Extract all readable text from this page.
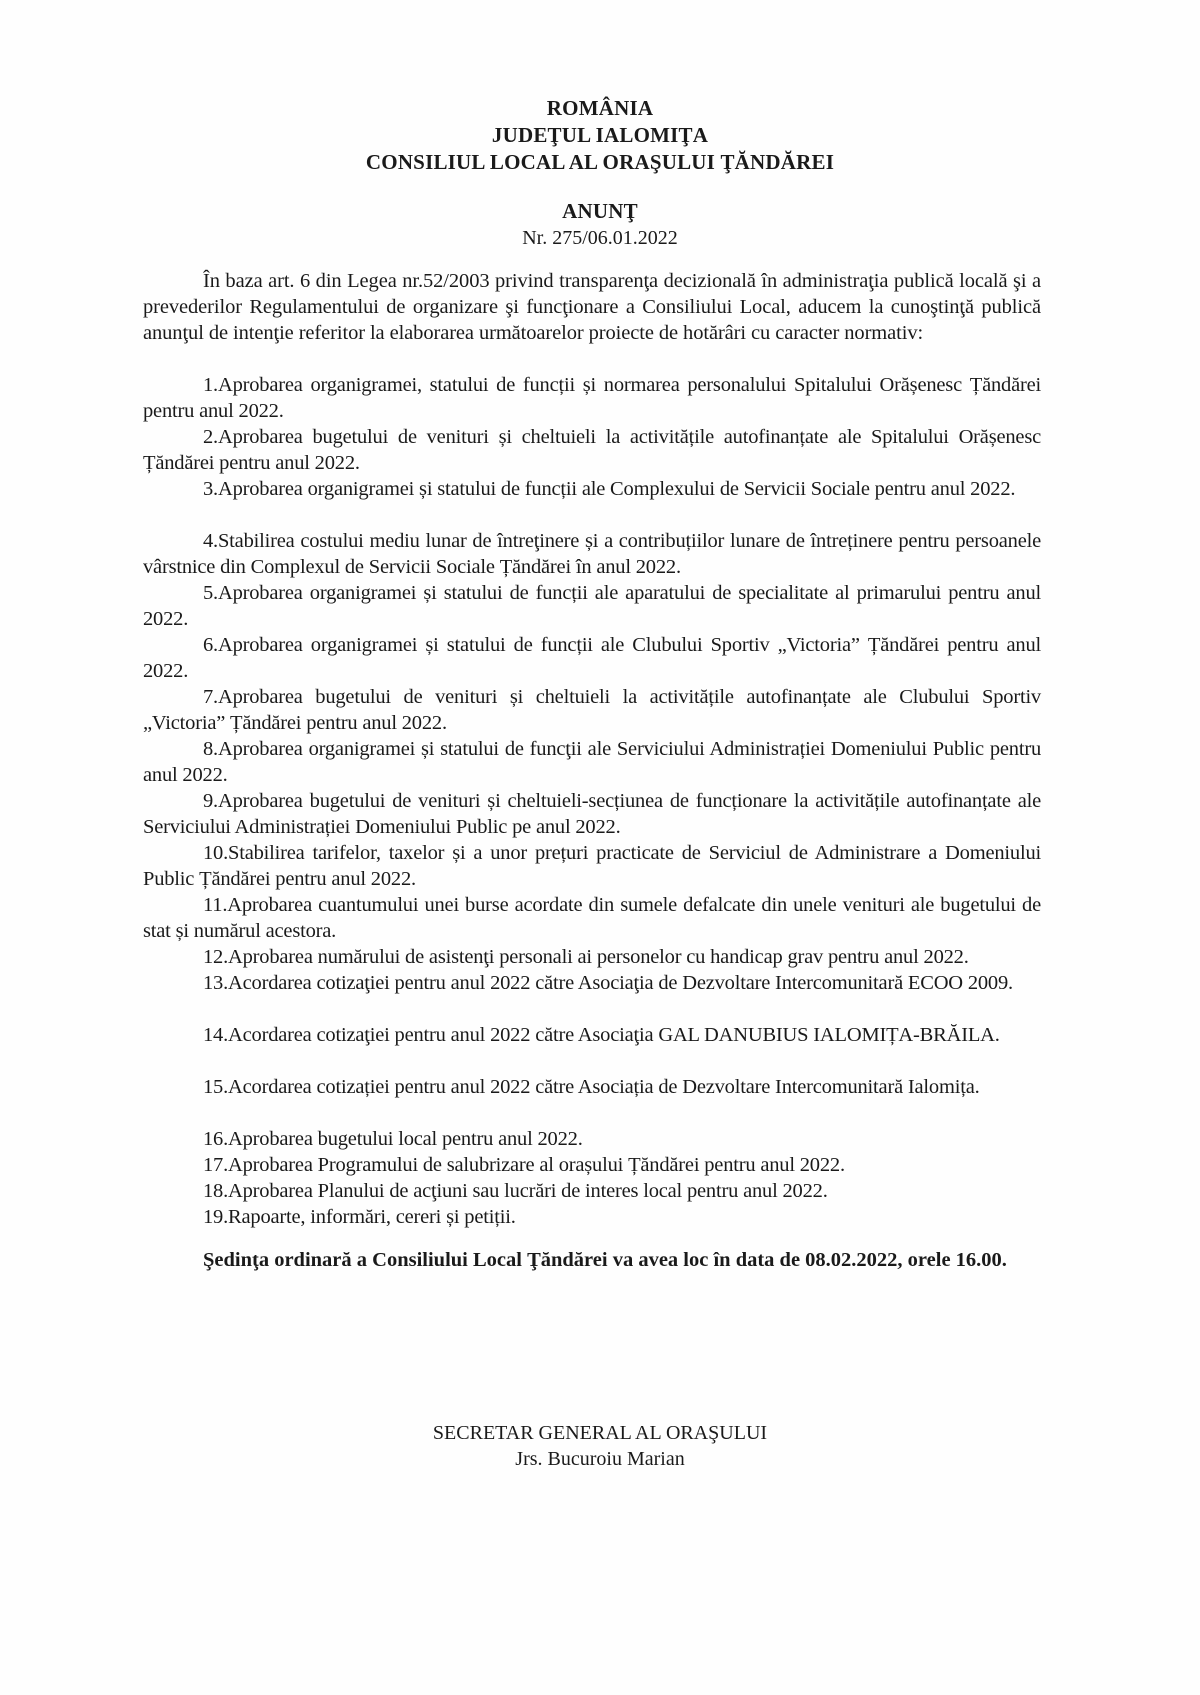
ROMÂNIA
JUDEŢUL IALOMIŢA
CONSILIUL LOCAL AL ORAŞULUI ŢĂNDĂREI
ANUNŢ
Nr. 275/06.01.2022
În baza art. 6 din Legea nr.52/2003 privind transparenţa decizională în administraţia publică locală şi a prevederilor Regulamentului de organizare şi funcţionare a Consiliului Local, aducem la cunoştinţă publică anunţul de intenţie referitor la elaborarea următoarelor proiecte de hotărâri cu caracter normativ:
1.Aprobarea organigramei, statului de funcții și normarea personalului Spitalului Orășenesc Țăndărei pentru anul 2022.
2.Aprobarea bugetului de venituri și cheltuieli la activitățile autofinanțate ale Spitalului Orășenesc Țăndărei pentru anul 2022.
3.Aprobarea organigramei și statului de funcții ale Complexului de Servicii Sociale pentru anul 2022.
4.Stabilirea costului mediu lunar de întreţinere și a contribuțiilor lunare de întreținere pentru persoanele vârstnice din Complexul de Servicii Sociale Țăndărei în anul 2022.
5.Aprobarea organigramei și statului de funcții ale aparatului de specialitate al primarului pentru anul 2022.
6.Aprobarea organigramei și statului de funcții ale Clubului Sportiv „Victoria” Țăndărei pentru anul 2022.
7.Aprobarea bugetului de venituri și cheltuieli la activitățile autofinanțate ale Clubului Sportiv „Victoria” Țăndărei pentru anul 2022.
8.Aprobarea organigramei și statului de funcţii ale Serviciului Administrației Domeniului Public pentru anul 2022.
9.Aprobarea bugetului de venituri și cheltuieli-secțiunea de funcționare la activitățile autofinanțate ale Serviciului Administrației Domeniului Public pe anul 2022.
10.Stabilirea tarifelor, taxelor și a unor prețuri practicate de Serviciul de Administrare a Domeniului Public Țăndărei pentru anul 2022.
11.Aprobarea cuantumului unei burse acordate din sumele defalcate din unele venituri ale bugetului de stat și numărul acestora.
12.Aprobarea numărului de asistenţi personali ai personelor cu handicap grav pentru anul 2022.
13.Acordarea cotizaţiei pentru anul 2022 către Asociaţia de Dezvoltare Intercomunitară ECOO 2009.
14.Acordarea cotizaţiei pentru anul 2022 către Asociaţia GAL DANUBIUS IALOMIȚA-BRĂILA.
15.Acordarea cotizației pentru anul 2022 către Asociația de Dezvoltare Intercomunitară Ialomița.
16.Aprobarea bugetului local pentru anul 2022.
17.Aprobarea Programului de salubrizare al orașului Țăndărei pentru anul 2022.
18.Aprobarea Planului de acţiuni sau lucrări de interes local pentru anul 2022.
19.Rapoarte, informări, cereri și petiții.
Şedinţa ordinară a Consiliului Local Ţăndărei va avea loc în data de 08.02.2022, orele 16.00.
SECRETAR GENERAL AL ORAŞULUI
Jrs. Bucuroiu Marian
